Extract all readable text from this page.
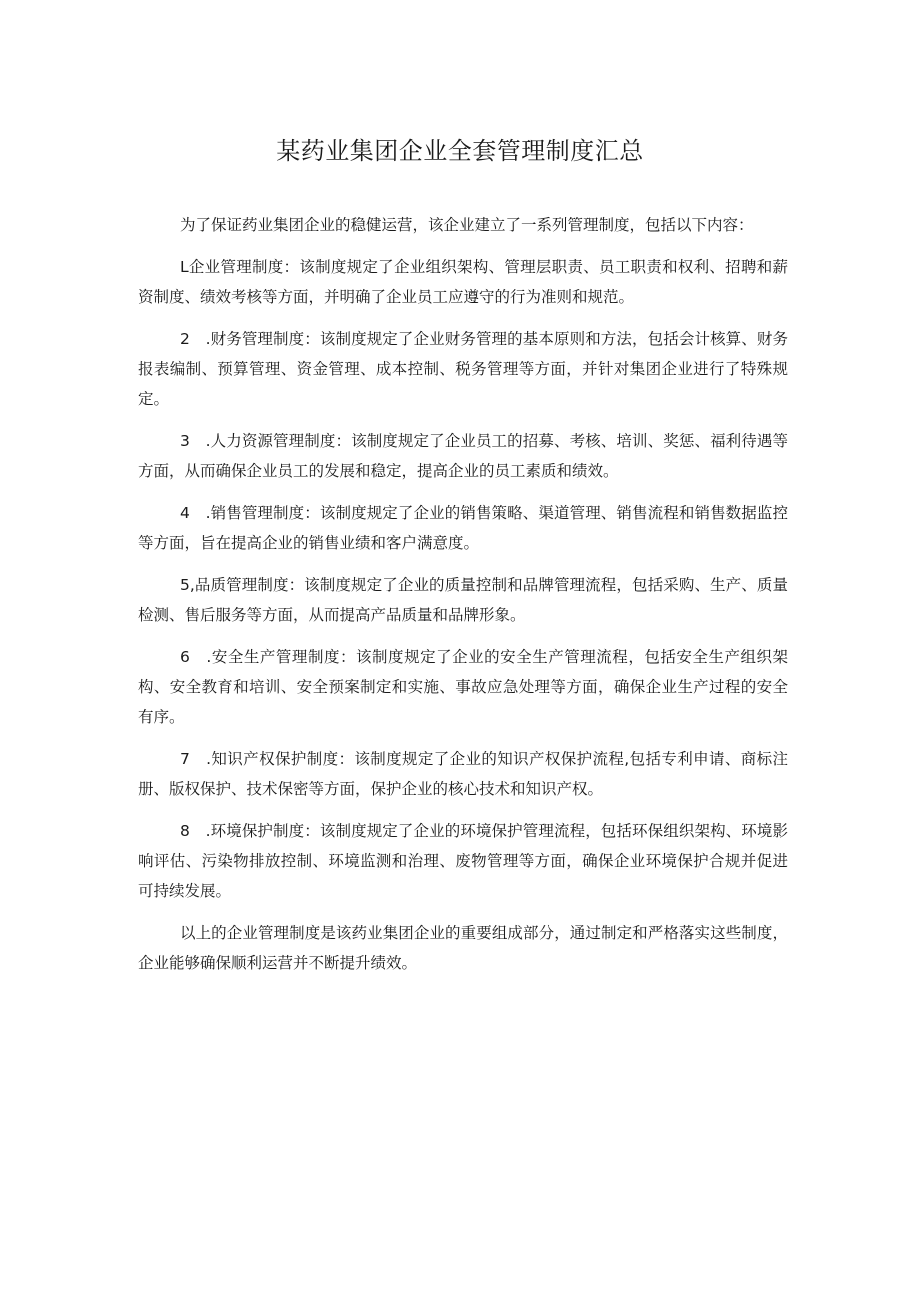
某药业集团企业全套管理制度汇总

为了保证药业集团企业的稳健运营，该企业建立了一系列管理制度，包括以下内容：

L企业管理制度：该制度规定了企业组织架构、管理层职责、员工职责和权利、招聘和薪资制度、绩效考核等方面，并明确了企业员工应遵守的行为准则和规范。

2　.财务管理制度：该制度规定了企业财务管理的基本原则和方法，包括会计核算、财务报表编制、预算管理、资金管理、成本控制、税务管理等方面，并针对集团企业进行了特殊规定。

3　.人力资源管理制度：该制度规定了企业员工的招募、考核、培训、奖惩、福利待遇等方面，从而确保企业员工的发展和稳定，提高企业的员工素质和绩效。

4　.销售管理制度：该制度规定了企业的销售策略、渠道管理、销售流程和销售数据监控等方面，旨在提高企业的销售业绩和客户满意度。

5,品质管理制度：该制度规定了企业的质量控制和品牌管理流程，包括采购、生产、质量检测、售后服务等方面，从而提高产品质量和品牌形象。

6　.安全生产管理制度：该制度规定了企业的安全生产管理流程，包括安全生产组织架构、安全教育和培训、安全预案制定和实施、事故应急处理等方面，确保企业生产过程的安全有序。

7　.知识产权保护制度：该制度规定了企业的知识产权保护流程,包括专利申请、商标注册、版权保护、技术保密等方面，保护企业的核心技术和知识产权。

8　.环境保护制度：该制度规定了企业的环境保护管理流程，包括环保组织架构、环境影响评估、污染物排放控制、环境监测和治理、废物管理等方面，确保企业环境保护合规并促进可持续发展。

以上的企业管理制度是该药业集团企业的重要组成部分，通过制定和严格落实这些制度，企业能够确保顺利运营并不断提升绩效。
